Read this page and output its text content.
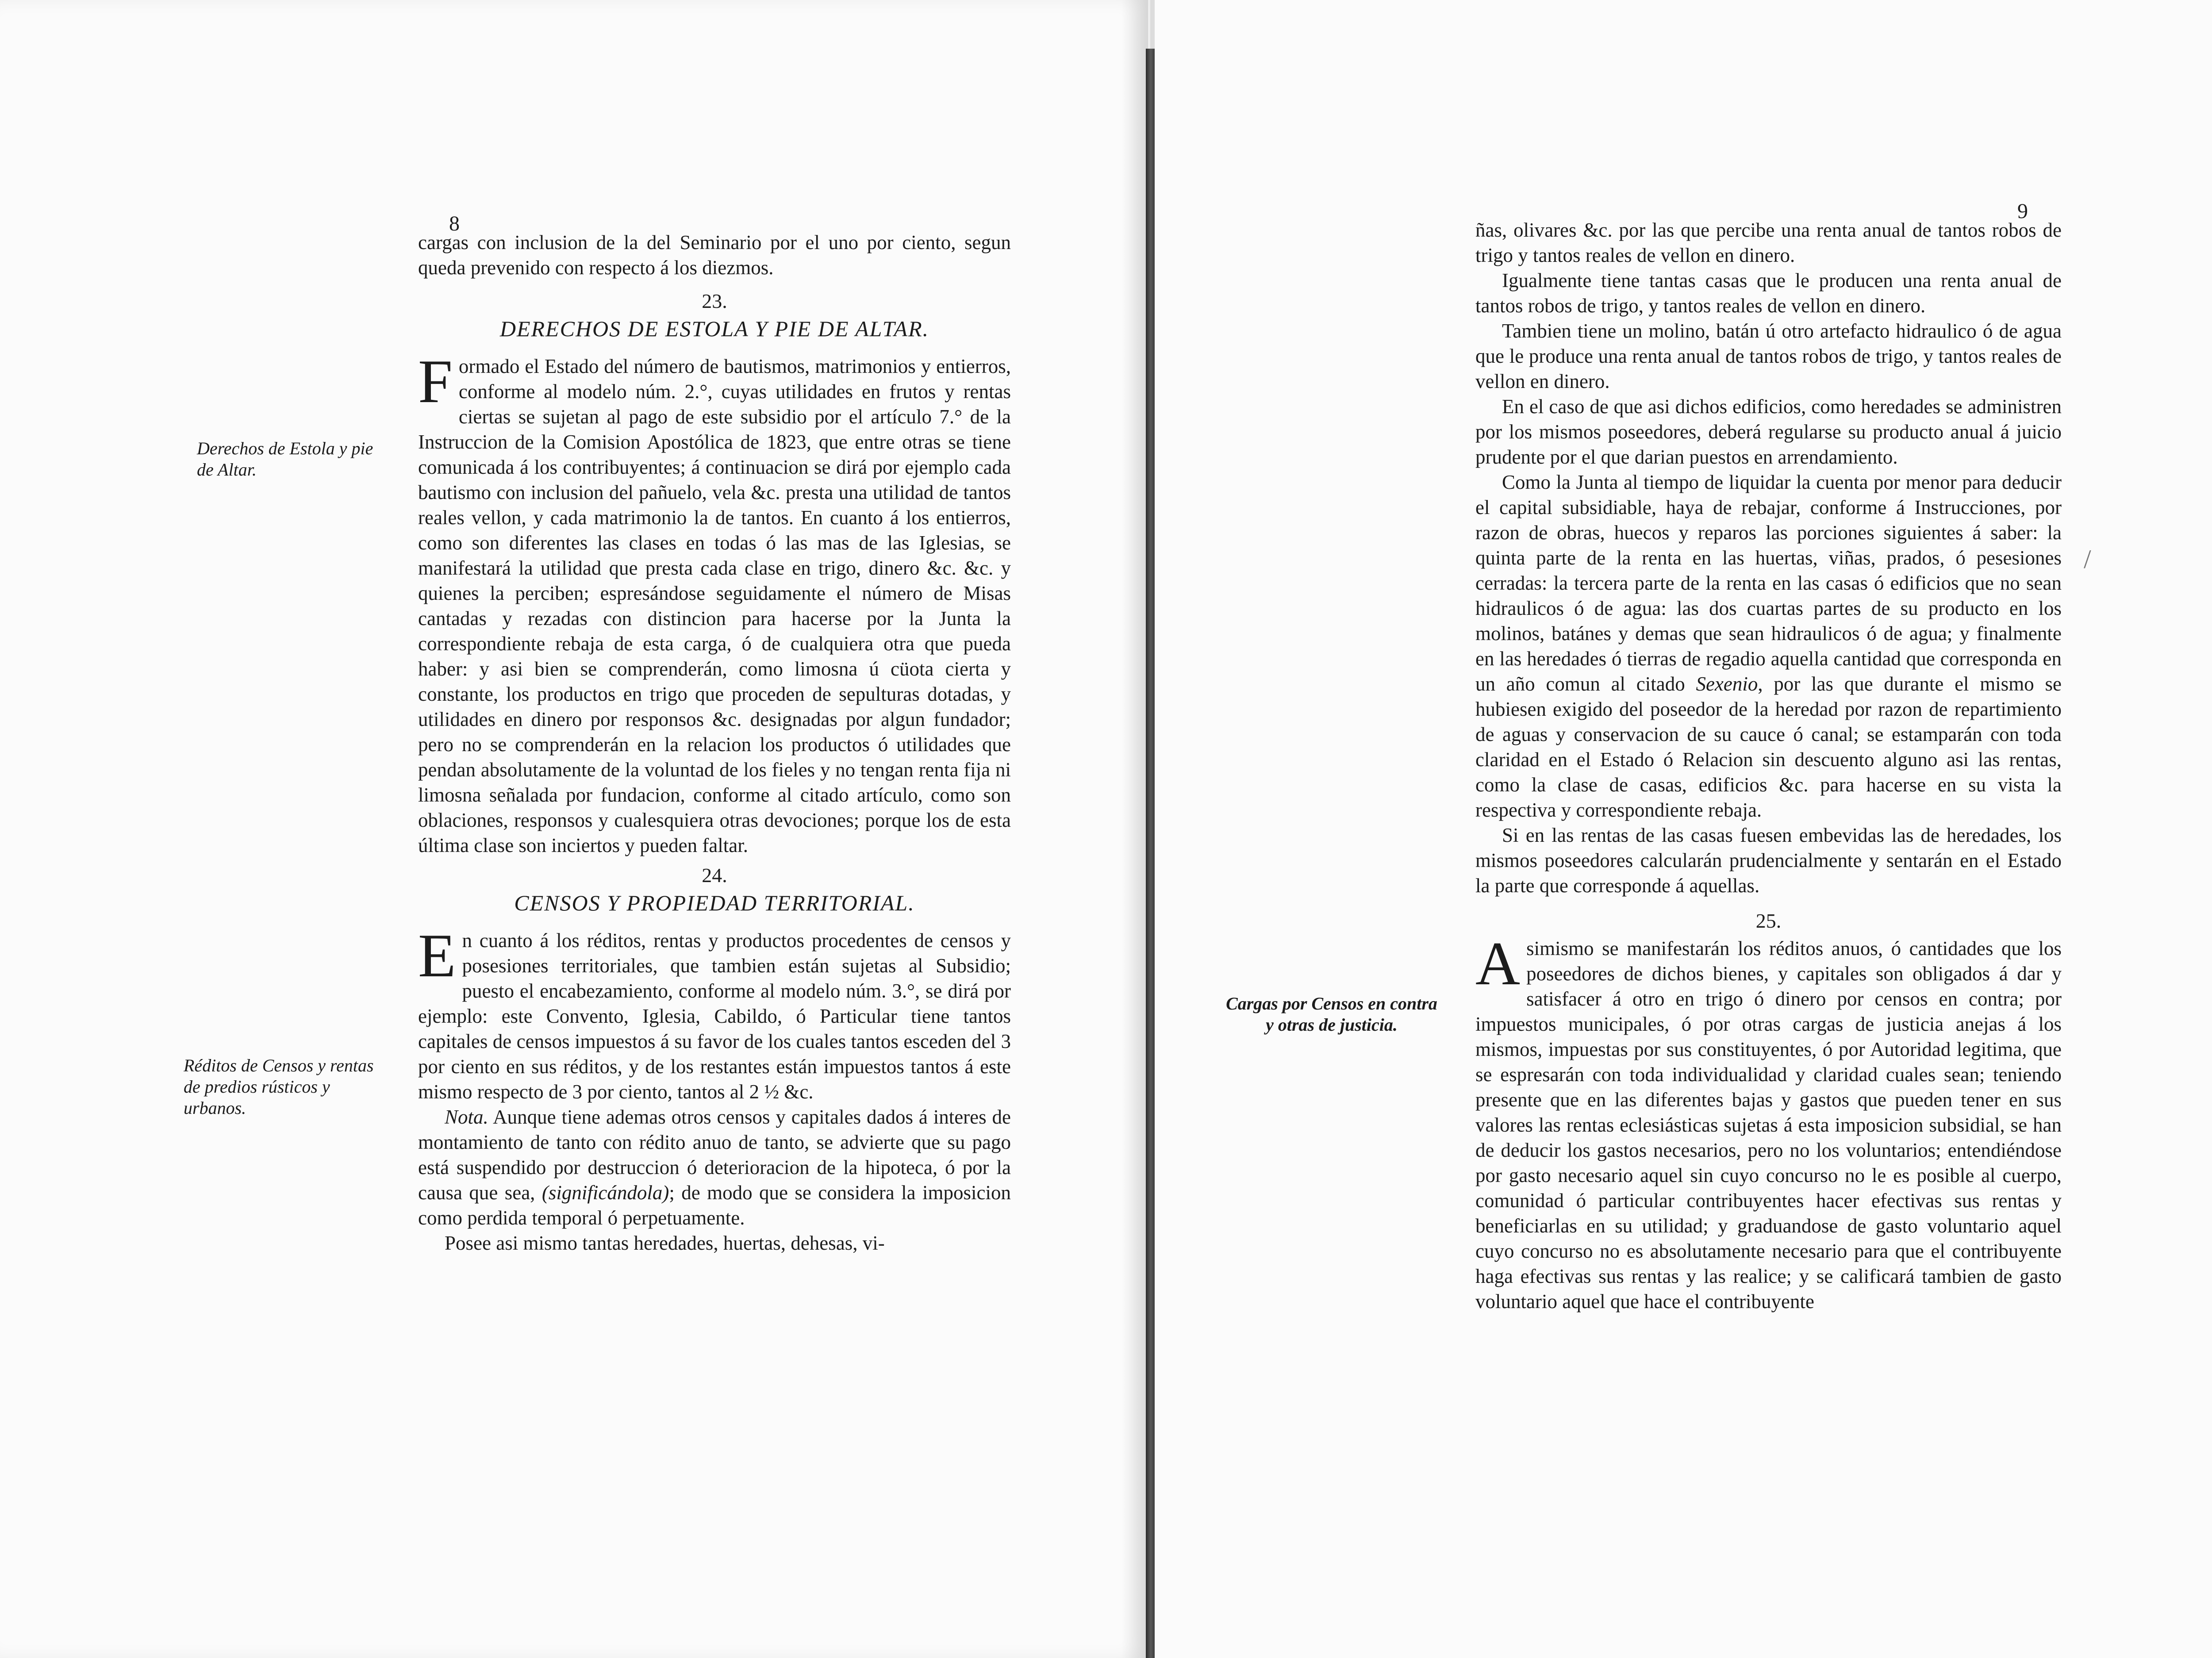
8

cargas con inclusion de la del Seminario por el uno por ciento, segun queda prevenido con respecto á los diezmos.

23.
DERECHOS DE ESTOLA Y PIE DE ALTAR.

Formado el Estado del número de bautismos, matrimonios y entierros, conforme al modelo núm. 2.°, cuyas utilidades en frutos y rentas ciertas se sujetan al pago de este subsidio por el artículo 7.° de la Instruccion de la Comision Apostólica de 1823, que entre otras se tiene comunicada á los contribuyentes; á continuacion se dirá por ejemplo cada bautismo con inclusion del pañuelo, vela &c. presta una utilidad de tantos reales vellon, y cada matrimonio la de tantos. En cuanto á los entierros, como son diferentes las clases en todas ó las mas de las Iglesias, se manifestará la utilidad que presta cada clase en trigo, dinero &c. &c. y quienes la perciben; espresándose seguidamente el número de Misas cantadas y rezadas con distincion para hacerse por la Junta la correspondiente rebaja de esta carga, ó de cualquiera otra que pueda haber: y asi bien se comprenderán, como limosna ú cüota cierta y constante, los productos en trigo que proceden de sepulturas dotadas, y utilidades en dinero por responsos &c. designadas por algun fundador; pero no se comprenderán en la relacion los productos ó utilidades que pendan absolutamente de la voluntad de los fieles y no tengan renta fija ni limosna señalada por fundacion, conforme al citado artículo, como son oblaciones, responsos y cualesquiera otras devociones; porque los de esta última clase son inciertos y pueden faltar.

24.
CENSOS Y PROPIEDAD TERRITORIAL.

En cuanto á los réditos, rentas y productos procedentes de censos y posesiones territoriales, que tambien están sujetas al Subsidio; puesto el encabezamiento, conforme al modelo núm. 3.°, se dirá por ejemplo: este Convento, Iglesia, Cabildo, ó Particular tiene tantos capitales de censos impuestos á su favor de los cuales tantos esceden del 3 por ciento en sus réditos, y de los restantes están impuestos tantos á este mismo respecto de 3 por ciento, tantos al 2 ½ &c.

Nota. Aunque tiene ademas otros censos y capitales dados á interes de montamiento de tanto con rédito anuo de tanto, se advierte que su pago está suspendido por destruccion ó deterioracion de la hipoteca, ó por la causa que sea, (significándola); de modo que se considera la imposicion como perdida temporal ó perpetuamente.

Posee asi mismo tantas heredades, huertas, dehesas, vi-

Derechos de Estola y pie de Altar.
Réditos de Censos y rentas de predios rústicos y urbanos.
9

ñas, olivares &c. por las que percibe una renta anual de tantos robos de trigo y tantos reales de vellon en dinero.

Igualmente tiene tantas casas que le producen una renta anual de tantos robos de trigo, y tantos reales de vellon en dinero.

Tambien tiene un molino, batán ú otro artefacto hidraulico ó de agua que le produce una renta anual de tantos robos de trigo, y tantos reales de vellon en dinero.

En el caso de que asi dichos edificios, como heredades se administren por los mismos poseedores, deberá regularse su producto anual á juicio prudente por el que darian puestos en arrendamiento.

Como la Junta al tiempo de liquidar la cuenta por menor para deducir el capital subsidiable, haya de rebajar, conforme á Instrucciones, por razon de obras, huecos y reparos las porciones siguientes á saber: la quinta parte de la renta en las huertas, viñas, prados, ó pesesiones cerradas: la tercera parte de la renta en las casas ó edificios que no sean hidraulicos ó de agua: las dos cuartas partes de su producto en los molinos, batánes y demas que sean hidraulicos ó de agua; y finalmente en las heredades ó tierras de regadio aquella cantidad que corresponda en un año comun al citado Sexenio, por las que durante el mismo se hubiesen exigido del poseedor de la heredad por razon de repartimiento de aguas y conservacion de su cauce ó canal; se estamparán con toda claridad en el Estado ó Relacion sin descuento alguno asi las rentas, como la clase de casas, edificios &c. para hacerse en su vista la respectiva y correspondiente rebaja.

Si en las rentas de las casas fuesen embevidas las de heredades, los mismos poseedores calcularán prudencialmente y sentarán en el Estado la parte que corresponde á aquellas.

25.

Asimismo se manifestarán los réditos anuos, ó cantidades que los poseedores de dichos bienes, y capitales son obligados á dar y satisfacer á otro en trigo ó dinero por censos en contra; por impuestos municipales, ó por otras cargas de justicia anejas á los mismos, impuestas por sus constituyentes, ó por Autoridad legitima, que se espresarán con toda individualidad y claridad cuales sean; teniendo presente que en las diferentes bajas y gastos que pueden tener en sus valores las rentas eclesiásticas sujetas á esta imposicion subsidial, se han de deducir los gastos necesarios, pero no los voluntarios; entendiéndose por gasto necesario aquel sin cuyo concurso no le es posible al cuerpo, comunidad ó particular contribuyentes hacer efectivas sus rentas y beneficiarlas en su utilidad; y graduandose de gasto voluntario aquel cuyo concurso no es absolutamente necesario para que el contribuyente haga efectivas sus rentas y las realice; y se calificará tambien de gasto voluntario aquel que hace el contribuyente

Cargas por Censos en contra y otras de justicia.
/
